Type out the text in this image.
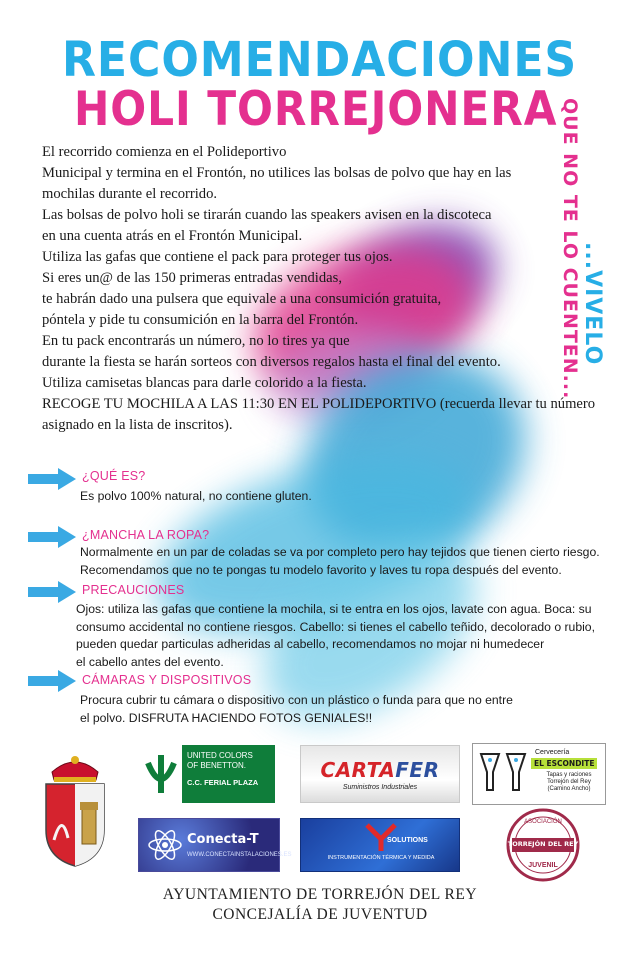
RECOMENDACIONES
HOLI TORREJONERA QUE NO TE LO CUENTEN... ...VIVELO

El recorrido comienza en el Polideportivo

Municipal y termina en el Frontón, no utilices las bolsas de polvo que hay en las

mochilas durante el recorrido.

Las bolsas de polvo holi se tirarán cuando las speakers avisen en la discoteca

en una cuenta atrás en el Frontón Municipal.

Utiliza las gafas que contiene el pack para proteger tus ojos.

Si eres un@ de las 150 primeras entradas vendidas,

te habrán dado una pulsera que equivale a una consumición gratuita,

póntela y pide tu consumición en la barra del Frontón.

En tu pack encontrarás un número, no lo tires ya que

durante la fiesta se harán sorteos con diversos regalos hasta el final del evento.

Utiliza camisetas blancas para darle colorido a la fiesta.

RECOGE TU MOCHILA A LAS 11:30 EN EL POLIDEPORTIVO (recuerda llevar tu número

asignado en la lista de inscritos).

¿QUÉ ES?

Es polvo 100% natural, no contiene gluten.

¿MANCHA LA ROPA?

Normalmente en un par de coladas se va por completo pero hay tejidos que tienen cierto riesgo.

Recomendamos que no te pongas tu modelo favorito y laves tu ropa después del evento.

PRECAUCIONES

Ojos: utiliza las gafas que contiene la mochila, si te entra en los ojos, lavate con agua. Boca: su

consumo accidental no contiene riesgos. Cabello: si tienes el cabello teñido, decolorado o rubio,

pueden quedar particulas adheridas al cabello, recomendamos no mojar ni humedecer

el cabello antes del evento.

CÁMARAS Y DISPOSITIVOS

Procura cubrir tu cámara o dispositivo con un plástico o funda para que no entre

el polvo. DISFRUTA HACIENDO FOTOS GENIALES!!

UNITED COLORS
OF BENETTON.
C.C. FERIAL PLAZA
CARTAFER
Suministros Industriales
Cervecería
EL ESCONDITE
Tapas y raciones
Torrejón del Rey
(Camino Ancho)
Conecta-T
WWW.CONECTAINSTALACIONES.ES
SOLUTIONS
INSTRUMENTACIÓN TÉRMICA Y MEDIDA
ASOCIACIÓN
TORREJÓN DEL REY
JUVENIL
AYUNTAMIENTO DE TORREJÓN DEL REY
CONCEJALÍA DE JUVENTUD
